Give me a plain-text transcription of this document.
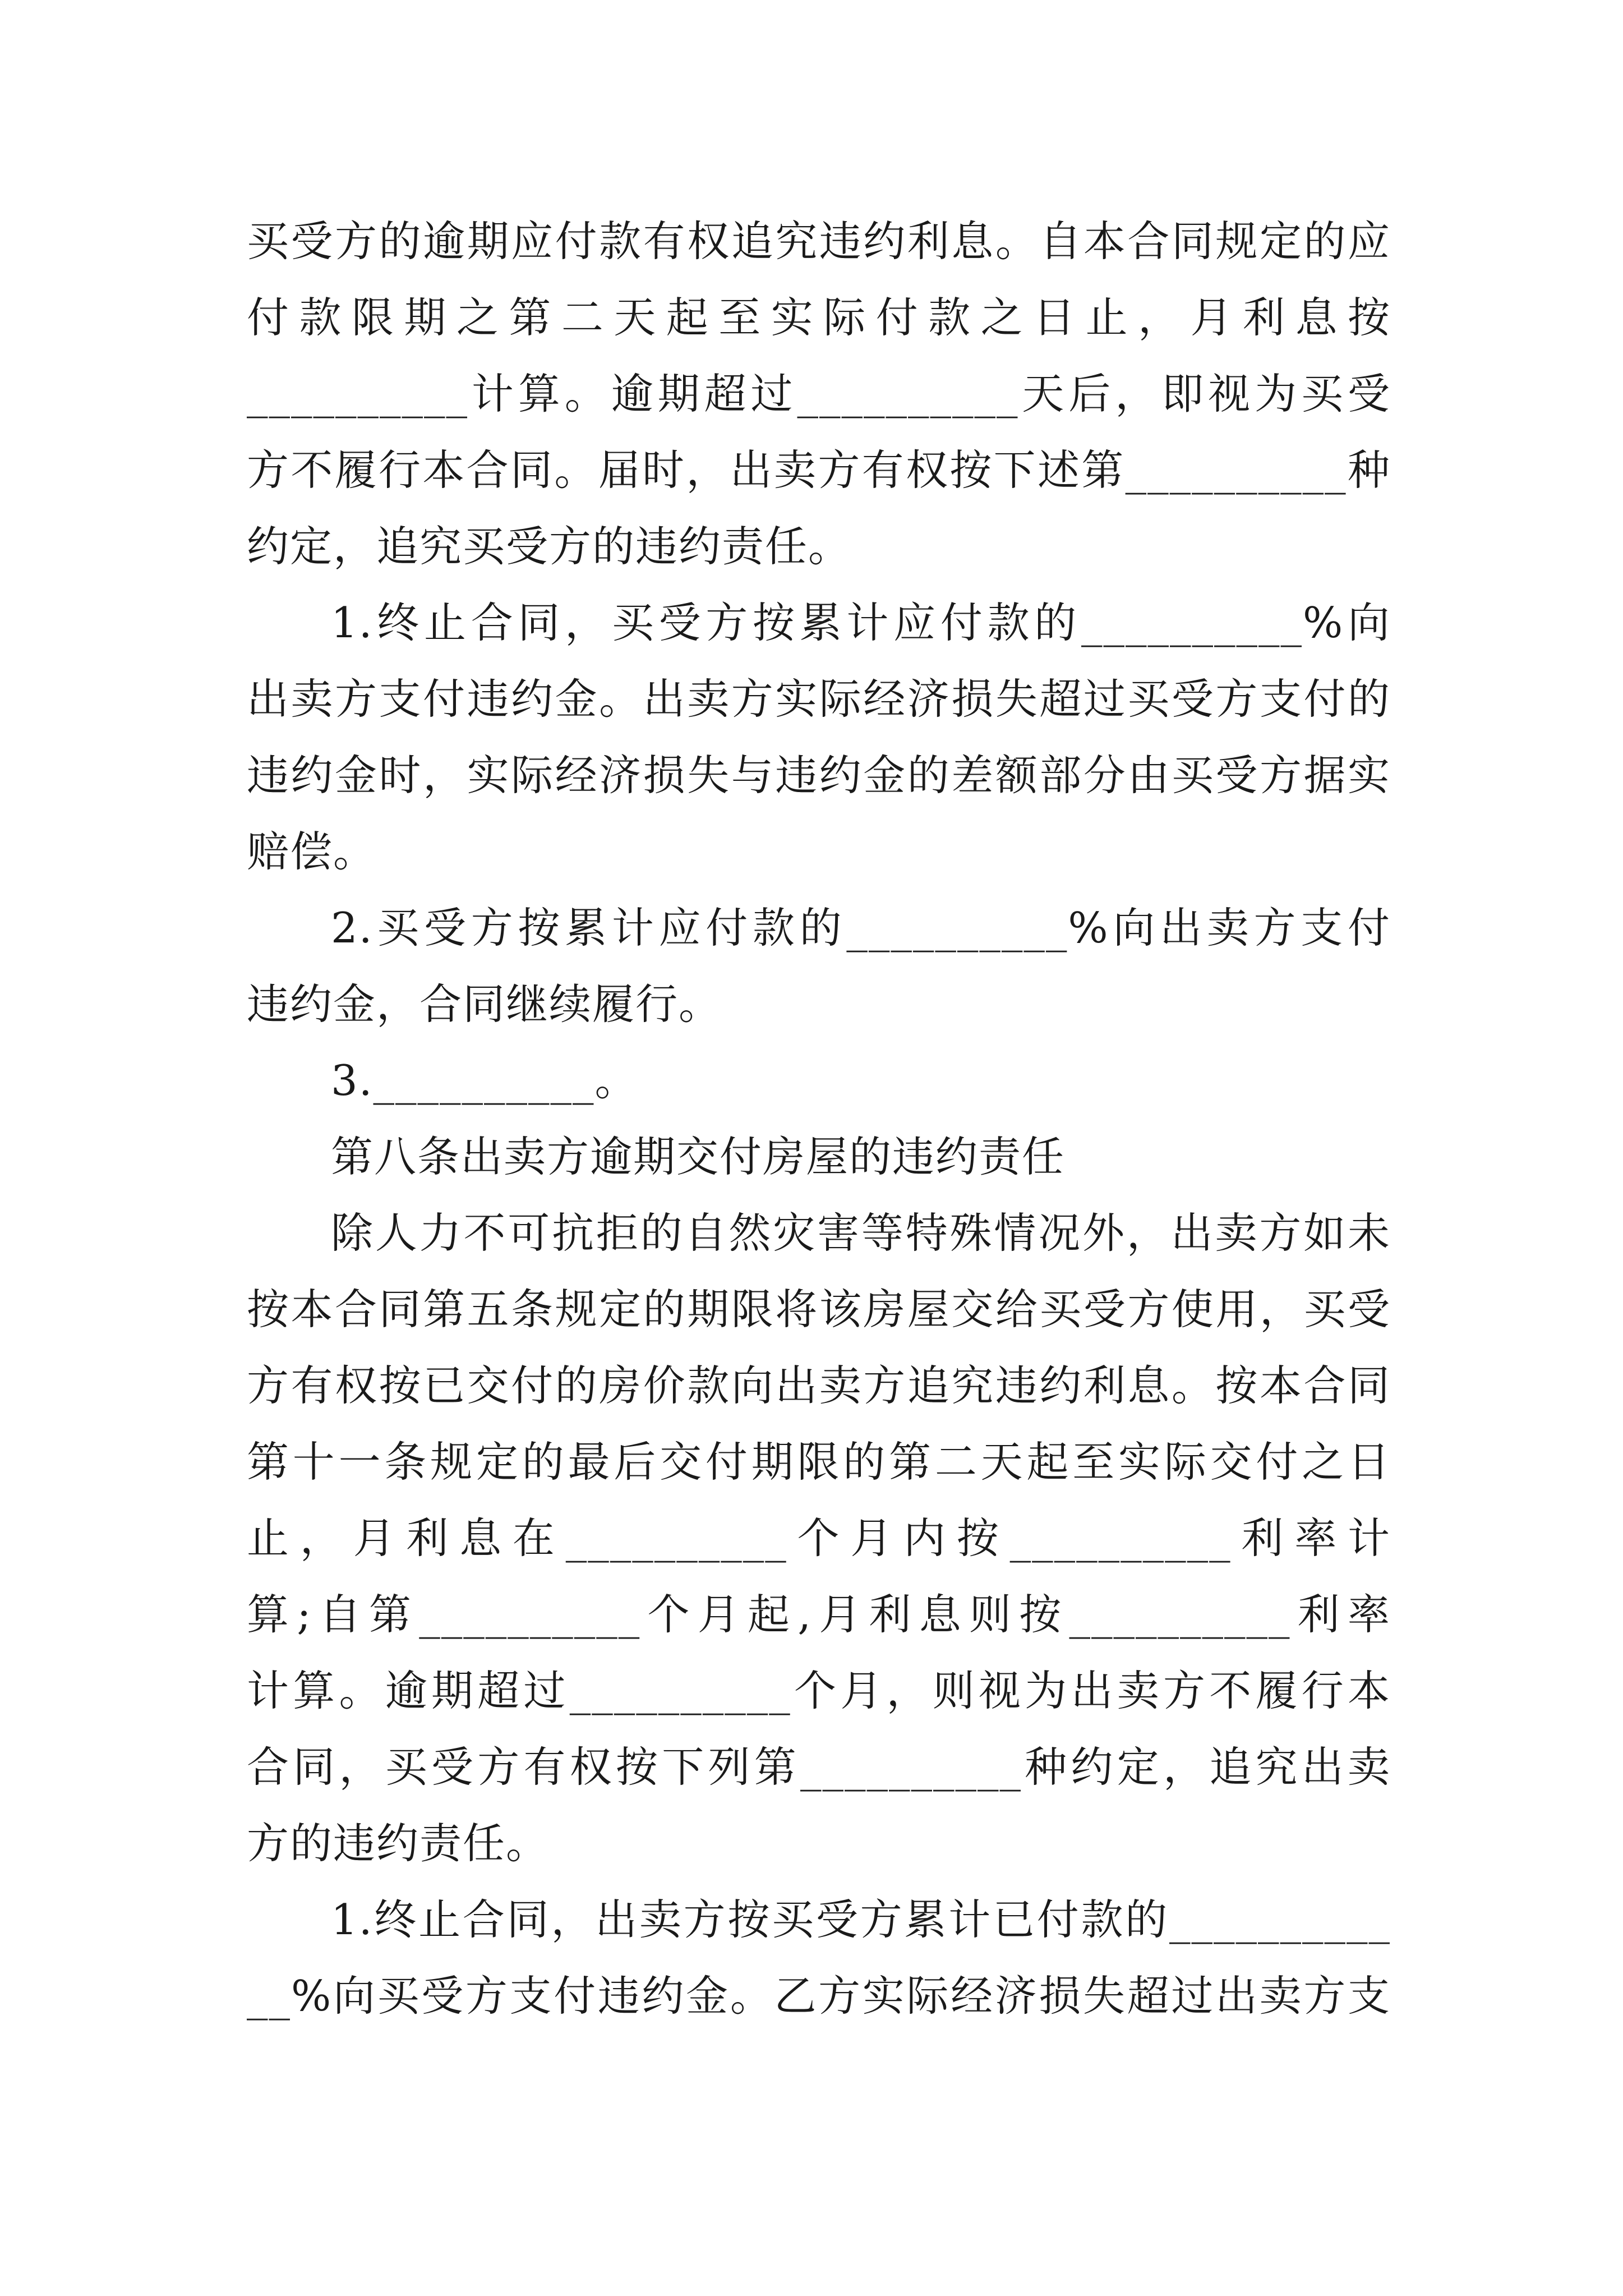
买受方的逾期应付款有权追究违约利息。自本合同规定的应
付款限期之第二天起至实际付款之日止，月利息按
__________计算。逾期超过__________天后，即视为买受
方不履行本合同。届时，出卖方有权按下述第__________种
约定，追究买受方的违约责任。
1.终止合同，买受方按累计应付款的__________%向
出卖方支付违约金。出卖方实际经济损失超过买受方支付的
违约金时，实际经济损失与违约金的差额部分由买受方据实
赔偿。
2.买受方按累计应付款的__________%向出卖方支付
违约金，合同继续履行。
3.__________。
第八条出卖方逾期交付房屋的违约责任
除人力不可抗拒的自然灾害等特殊情况外，出卖方如未
按本合同第五条规定的期限将该房屋交给买受方使用，买受
方有权按已交付的房价款向出卖方追究违约利息。按本合同
第十一条规定的最后交付期限的第二天起至实际交付之日
止，月利息在__________个月内按__________利率计
算;自第__________个月起,月利息则按__________利率
计算。逾期超过__________个月，则视为出卖方不履行本
合同，买受方有权按下列第__________种约定，追究出卖
方的违约责任。
1.终止合同，出卖方按买受方累计已付款的__________
__%向买受方支付违约金。乙方实际经济损失超过出卖方支
